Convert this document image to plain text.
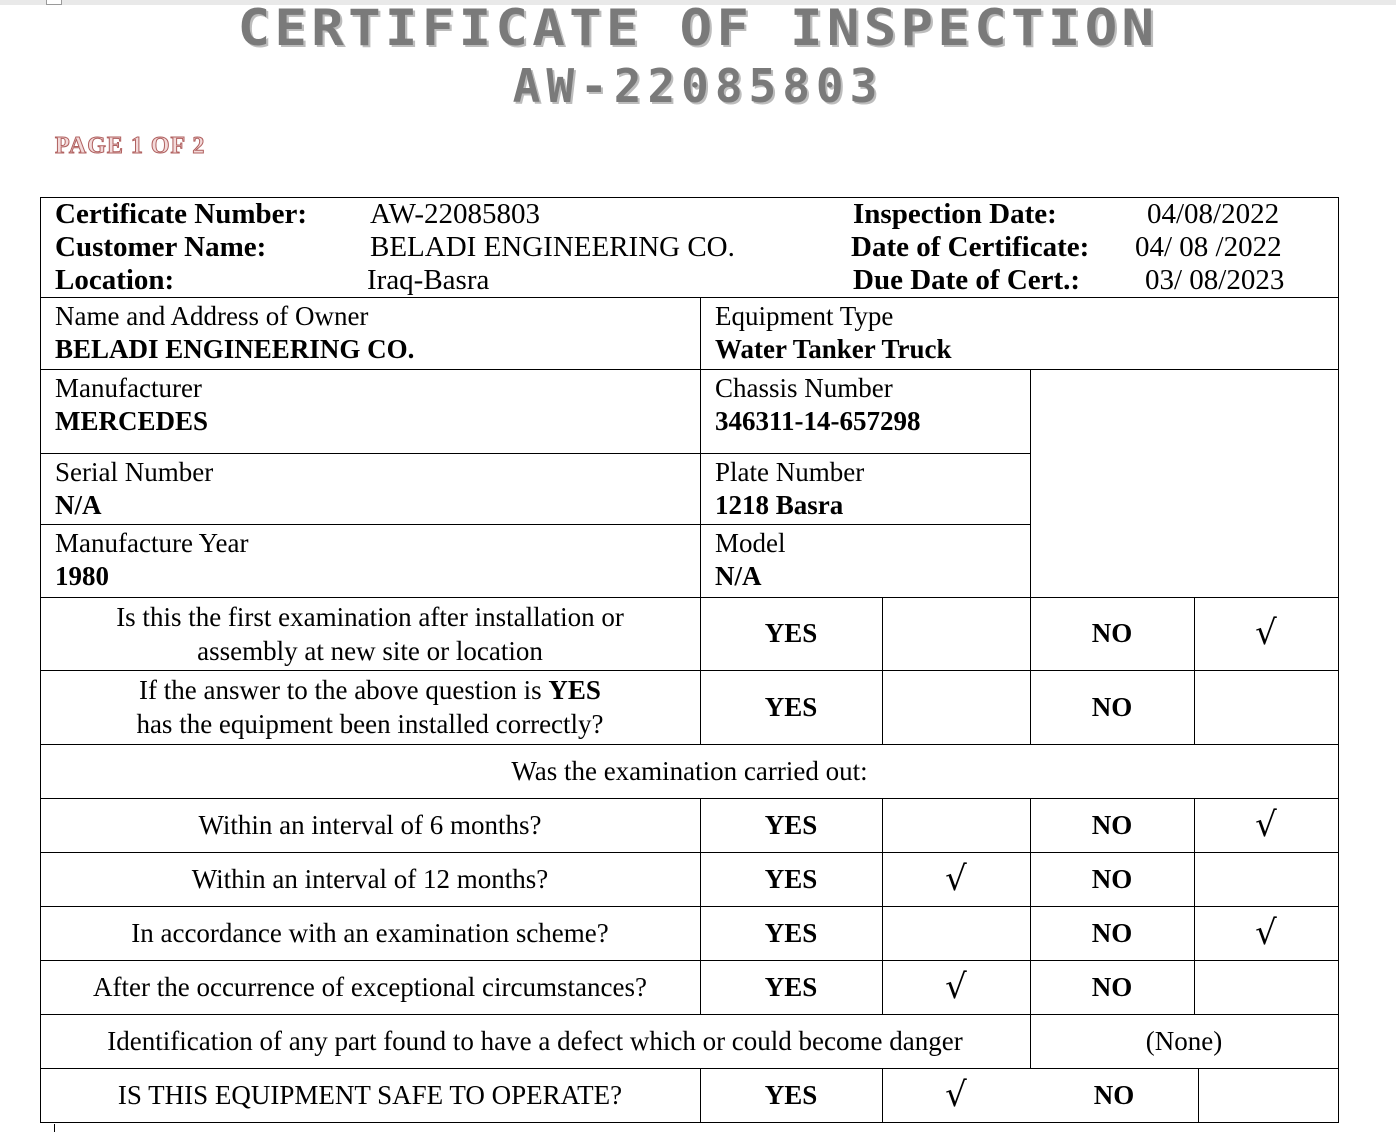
CERTIFICATE OF INSPECTION
AW-22085803
PAGE 1 OF 2
Certificate Number: AW-22085803
Customer Name:	BELADI ENGINEERING CO.
Location:	Iraq-Basra
Inspection Date:	04/08/2022
Date of Certificate: 04/ 08 /2022
Due Date of Cert.: 03/ 08/2023
Name and Address of Owner
BELADI ENGINEERING CO.
Equipment Type
Water Tanker Truck
Manufacturer
MERCEDES
Chassis Number
346311-14-657298
Serial Number
N/A
Plate Number
1218 Basra
Manufacture Year
1980
Model
N/A
Is this the first examination after installation or
assembly at new site or location
YES	NO	√
If the answer to the above question is YES
has the equipment been installed correctly?
YES	NO
Was the examination carried out:
Within an interval of 6 months?	YES	NO	√
Within an interval of 12 months?	YES	√	NO
In accordance with an examination scheme?	YES	NO	√
After the occurrence of exceptional circumstances?	YES	√	NO
Identification of any part found to have a defect which or could become danger	(None)
IS THIS EQUIPMENT SAFE TO OPERATE?	YES	√	NO
